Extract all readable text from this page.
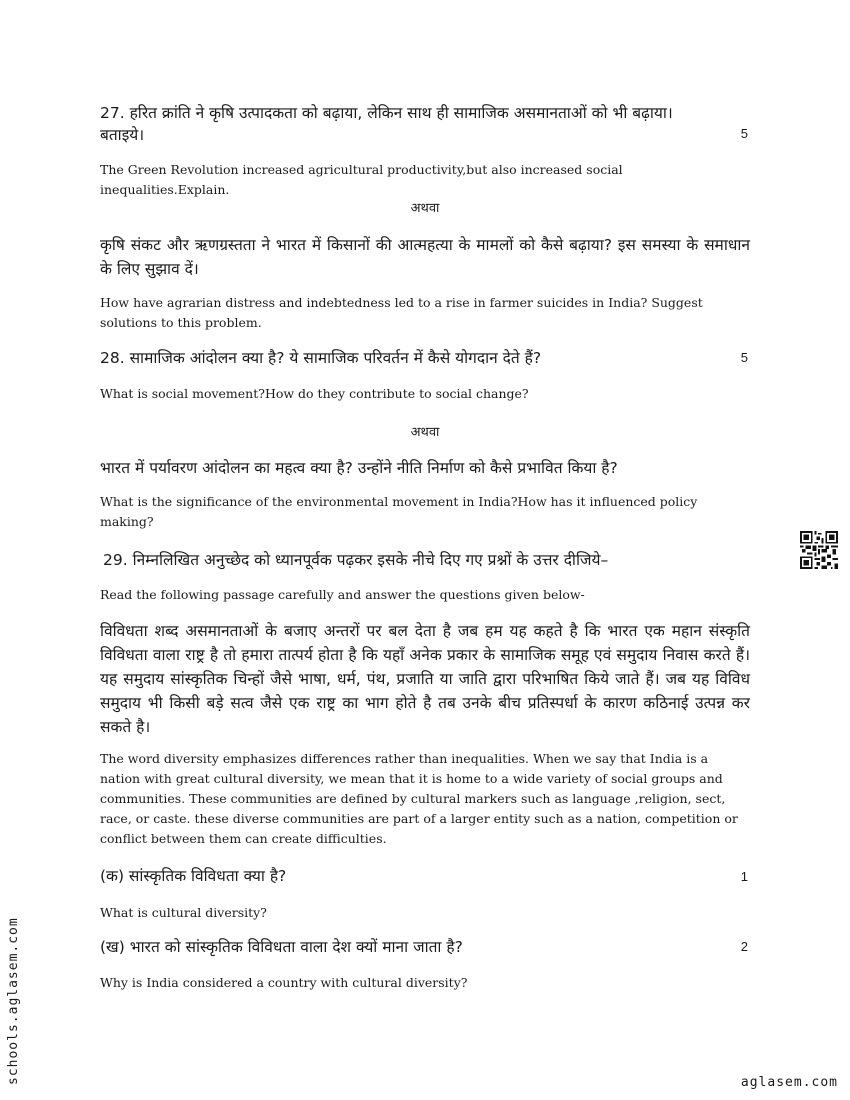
27. हरित क्रांति ने कृषि उत्पादकता को बढ़ाया, लेकिन साथ ही सामाजिक असमानताओं को भी बढ़ाया।
बताइये।	5
The Green Revolution increased agricultural productivity,but also increased social inequalities.Explain.
अथवा
कृषि संकट और ऋणग्रस्तता ने भारत में किसानों की आत्महत्या के मामलों को कैसे बढ़ाया? इस समस्या के समाधान के लिए सुझाव दें।
How have agrarian distress and indebtedness led to a rise in farmer suicides in India? Suggest solutions to this problem.
28. सामाजिक आंदोलन क्या है? ये सामाजिक परिवर्तन में कैसे योगदान देते हैं?	5
What is social movement?How do they contribute to social change?
अथवा
भारत में पर्यावरण आंदोलन का महत्व क्या है? उन्होंने नीति निर्माण को कैसे प्रभावित किया है?
What is the significance of the environmental movement in India?How has it influenced policy making?
29. निम्नलिखित अनुच्छेद को ध्यानपूर्वक पढ़कर इसके नीचे दिए गए प्रश्नों के उत्तर दीजिये–
Read the following passage carefully and answer the questions given below-
विविधता शब्द असमानताओं के बजाए अन्तरों पर बल देता है जब हम यह कहते है कि भारत एक महान संस्कृति विविधता वाला राष्ट्र है तो हमारा तात्पर्य होता है कि यहाँ अनेक प्रकार के सामाजिक समूह एवं समुदाय निवास करते हैं। यह समुदाय सांस्कृतिक चिन्हों जैसे भाषा, धर्म, पंथ, प्रजाति या जाति द्वारा परिभाषित किये जाते हैं। जब यह विविध समुदाय भी किसी बड़े सत्व जैसे एक राष्ट्र का भाग होते है तब उनके बीच प्रतिस्पर्धा के कारण कठिनाई उत्पन्न कर सकते है।
The word diversity emphasizes differences rather than inequalities. When we say that India is a nation with great cultural diversity, we mean that it is home to a wide variety of social groups and communities. These communities are defined by cultural markers such as language ,religion, sect, race, or caste. these diverse communities are part of a larger entity such as a nation, competition or conflict between them can create difficulties.
(क) सांस्कृतिक विविधता क्या है?	1
What is cultural diversity?
(ख) भारत को सांस्कृतिक विविधता वाला देश क्यों माना जाता है?	2
Why is India considered a country with cultural diversity?
schools.aglasem.com	aglasem.com
